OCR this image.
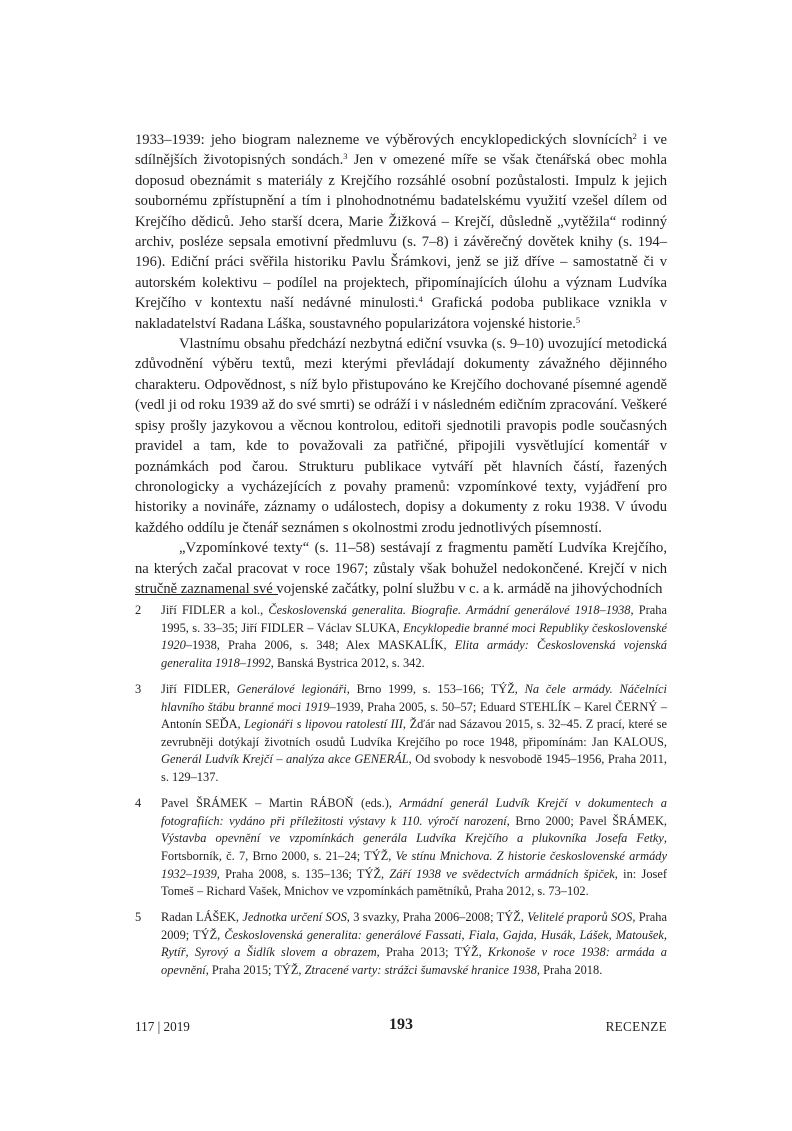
1933–1939: jeho biogram nalezneme ve výběrových encyklopedických slovnících$^2$ i ve sdílnějších životopisných sondách.$^3$ Jen v omezené míře se však čtenářská obec mohla doposud obeznámit s materiály z Krejčího rozsáhlé osobní pozůstalosti. Impulz k jejich soubornému zpřístupnění a tím i plnohodnotnému badatelskému využití vzešel dílem od Krejčího dědiců. Jeho starší dcera, Marie Žižková – Krejčí, důsledně „vytěžila“ rodinný archiv, posléze sepsala emotivní předmluvu (s. 7–8) i závěrečný dovětek knihy (s. 194–196). Ediční práci svěřila historiku Pavlu Šrámkovi, jenž se již dříve – samostatně či v autorském kolektivu – podílel na projektech, připomínajících úlohu a význam Ludvíka Krejčího v kontextu naší nedávné minulosti.$^4$ Grafická podoba publikace vznikla v nakladatelství Radana Láška, soustavného popularizátora vojenské historie.$^5$

Vlastnímu obsahu předchází nezbytná ediční vsuvka (s. 9–10) uvozující metodická zdůvodnění výběru textů, mezi kterými převládají dokumenty závažného dějinného charakteru. Odpovědnost, s níž bylo přistupováno ke Krejčího dochované písemné agendě (vedl ji od roku 1939 až do své smrti) se odráží i v následném edičním zpracování. Veškeré spisy prošly jazykovou a věcnou kontrolou, editoři sjednotili pravopis podle současných pravidel a tam, kde to považovali za patřičné, připojili vysvětlující komentář v poznámkách pod čarou. Strukturu publikace vytváří pět hlavních částí, řazených chronologicky a vycházejících z povahy pramenů: vzpomínkové texty, vyjádření pro historiky a novináře, záznamy o událostech, dopisy a dokumenty z roku 1938. V úvodu každého oddílu je čtenář seznámen s okolnostmi zrodu jednotlivých písemností.

„Vzpomínkové texty“ (s. 11–58) sestávají z fragmentu pamětí Ludvíka Krejčího, na kterých začal pracovat v roce 1967; zůstaly však bohužel nedokončené. Krejčí v nich stručně zaznamenal své vojenské začátky, polní službu v c. a k. armádě na jihovýchodních

2 Jiří FIDLER a kol., Československá generalita. Biografie. Armádní generálové 1918–1938, Praha 1995, s. 33–35; Jiří FIDLER – Václav SLUKA, Encyklopedie branné moci Republiky československé 1920–1938, Praha 2006, s. 348; Alex MASKALÍK, Elita armády: Československá vojenská generalita 1918–1992, Banská Bystrica 2012, s. 342.
3 Jiří FIDLER, Generálové legionáři, Brno 1999, s. 153–166; TÝŽ, Na čele armády. Náčelníci hlavního štábu branné moci 1919–1939, Praha 2005, s. 50–57; Eduard STEHLÍK – Karel ČERNÝ – Antonín SEĎA, Legionáři s lipovou ratolestí III, Žďár nad Sázavou 2015, s. 32–45. Z prací, které se zevrubněji dotýkají životních osudů Ludvíka Krejčího po roce 1948, připomínám: Jan KALOUS, Generál Ludvík Krejčí – analýza akce GENERÁL, Od svobody k nesvobodě 1945–1956, Praha 2011, s. 129–137.
4 Pavel ŠRÁMEK – Martin RÁBOŇ (eds.), Armádní generál Ludvík Krejčí v dokumentech a fotografiích: vydáno při příležitosti výstavy k 110. výročí narození, Brno 2000; Pavel ŠRÁMEK, Výstavba opevnění ve vzpomínkách generála Ludvíka Krejčího a plukovníka Josefa Fetky, Fortsborník, č. 7, Brno 2000, s. 21–24; TÝŽ, Ve stínu Mnichova. Z historie československé armády 1932–1939, Praha 2008, s. 135–136; TÝŽ, Září 1938 ve svědectvích armádních špiček, in: Josef Tomeš – Richard Vašek, Mnichov ve vzpomínkách pamětníků, Praha 2012, s. 73–102.
5 Radan LÁŠEK, Jednotka určení SOS, 3 svazky, Praha 2006–2008; TÝŽ, Velitelé praporů SOS, Praha 2009; TÝŽ, Československá generalita: generálové Fassati, Fiala, Gajda, Husák, Lášek, Matoušek, Rytíř, Syrový a Šidlík slovem a obrazem, Praha 2013; TÝŽ, Krkonoše v roce 1938: armáda a opevnění, Praha 2015; TÝŽ, Ztracené varty: strážci šumavské hranice 1938, Praha 2018.
117 | 2019	193	RECENZE
